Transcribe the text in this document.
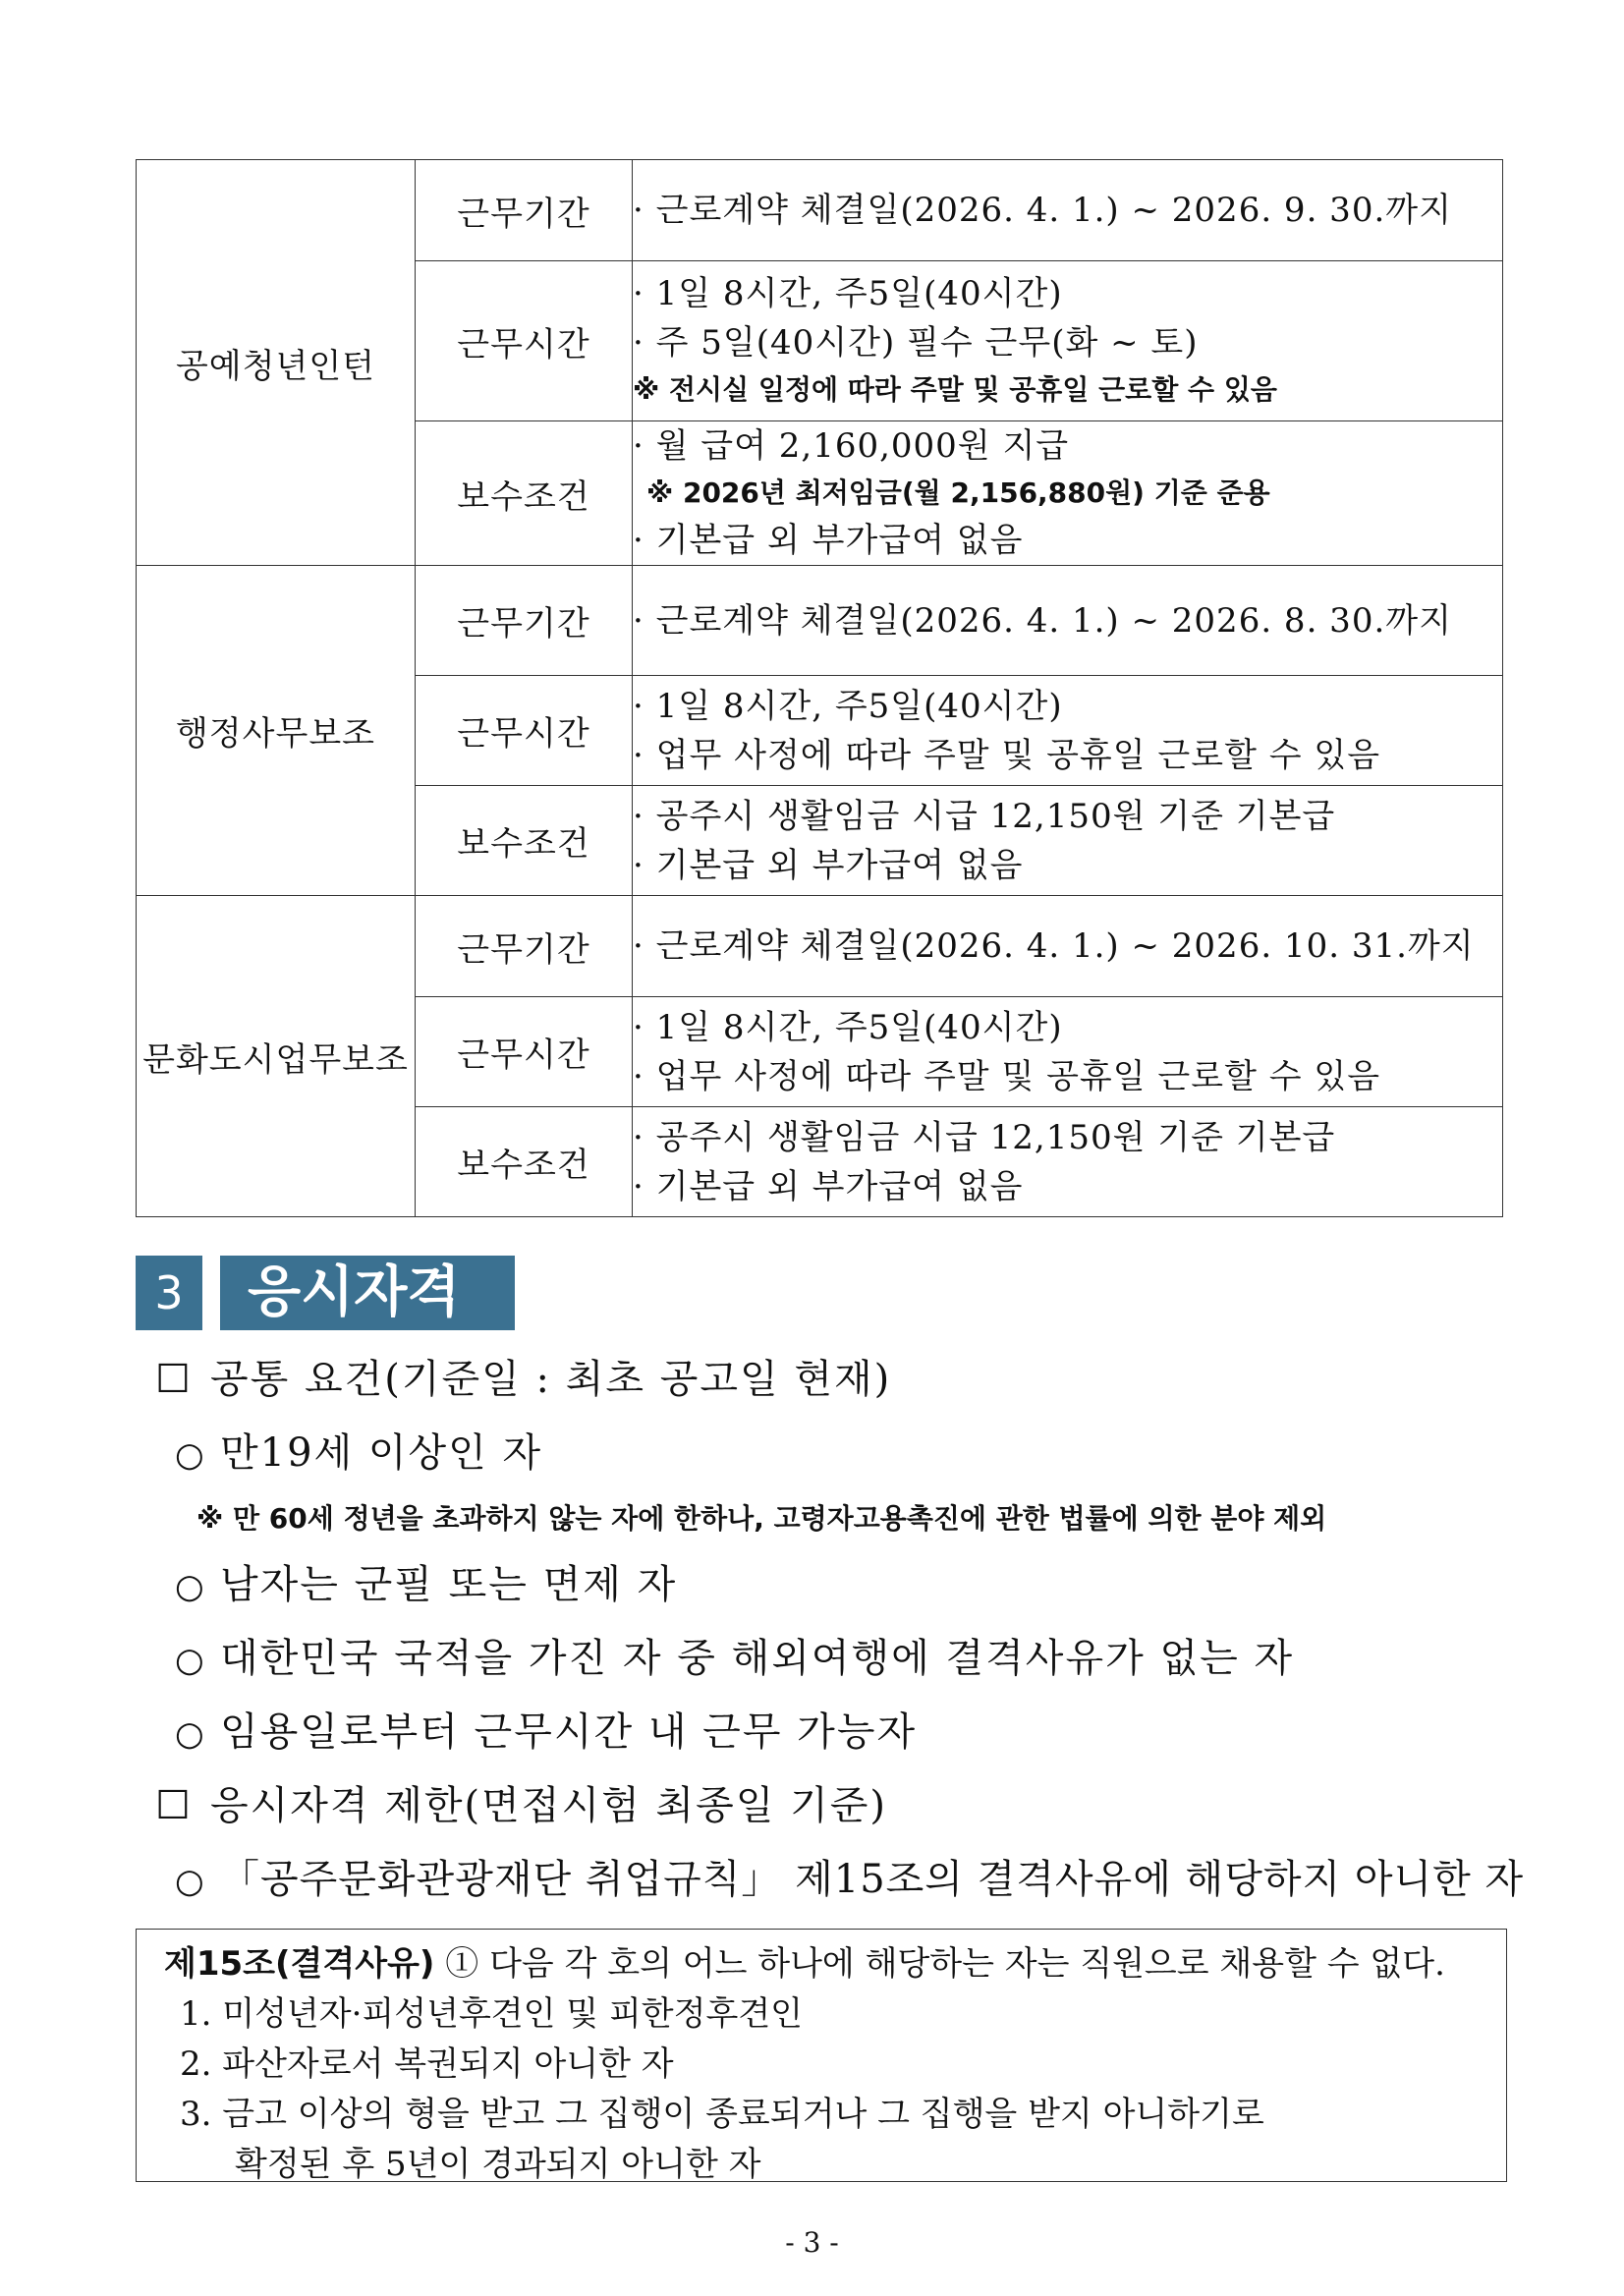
공예청년인턴	근무기간	· 근로계약 체결일(2026. 4. 1.) ~ 2026. 9. 30.까지

	근무시간	· 1일 8시간, 주5일(40시간)
· 주 5일(40시간) 필수 근무(화 ~ 토)
※ 전시실 일정에 따라 주말 및 공휴일 근로할 수 있음

	보수조건	· 월 급여 2,160,000원 지급
※ 2026년 최저임금(월 2,156,880원) 기준 준용
· 기본급 외 부가급여 없음

행정사무보조	근무기간	· 근로계약 체결일(2026. 4. 1.) ~ 2026. 8. 30.까지

	근무시간	· 1일 8시간, 주5일(40시간)
· 업무 사정에 따라 주말 및 공휴일 근로할 수 있음

	보수조건	· 공주시 생활임금 시급 12,150원 기준 기본급
· 기본급 외 부가급여 없음

문화도시업무보조	근무기간	· 근로계약 체결일(2026. 4. 1.) ~ 2026. 10. 31.까지

	근무시간	· 1일 8시간, 주5일(40시간)
· 업무 사정에 따라 주말 및 공휴일 근로할 수 있음

	보수조건	· 공주시 생활임금 시급 12,150원 기준 기본급
· 기본급 외 부가급여 없음
3	응시자격
☐ 공통 요건(기준일 : 최초 공고일 현재)
○ 만19세 이상인 자
※ 만 60세 정년을 초과하지 않는 자에 한하나, 고령자고용촉진에 관한 법률에 의한 분야 제외
○ 남자는 군필 또는 면제 자
○ 대한민국 국적을 가진 자 중 해외여행에 결격사유가 없는 자
○ 임용일로부터 근무시간 내 근무 가능자
☐ 응시자격 제한(면접시험 최종일 기준)
○ 「공주문화관광재단 취업규칙」 제15조의 결격사유에 해당하지 아니한 자
제15조(결격사유) ① 다음 각 호의 어느 하나에 해당하는 자는 직원으로 채용할 수 없다.
1. 미성년자·피성년후견인 및 피한정후견인
2. 파산자로서 복권되지 아니한 자
3. 금고 이상의 형을 받고 그 집행이 종료되거나 그 집행을 받지 아니하기로
확정된 후 5년이 경과되지 아니한 자
- 3 -
